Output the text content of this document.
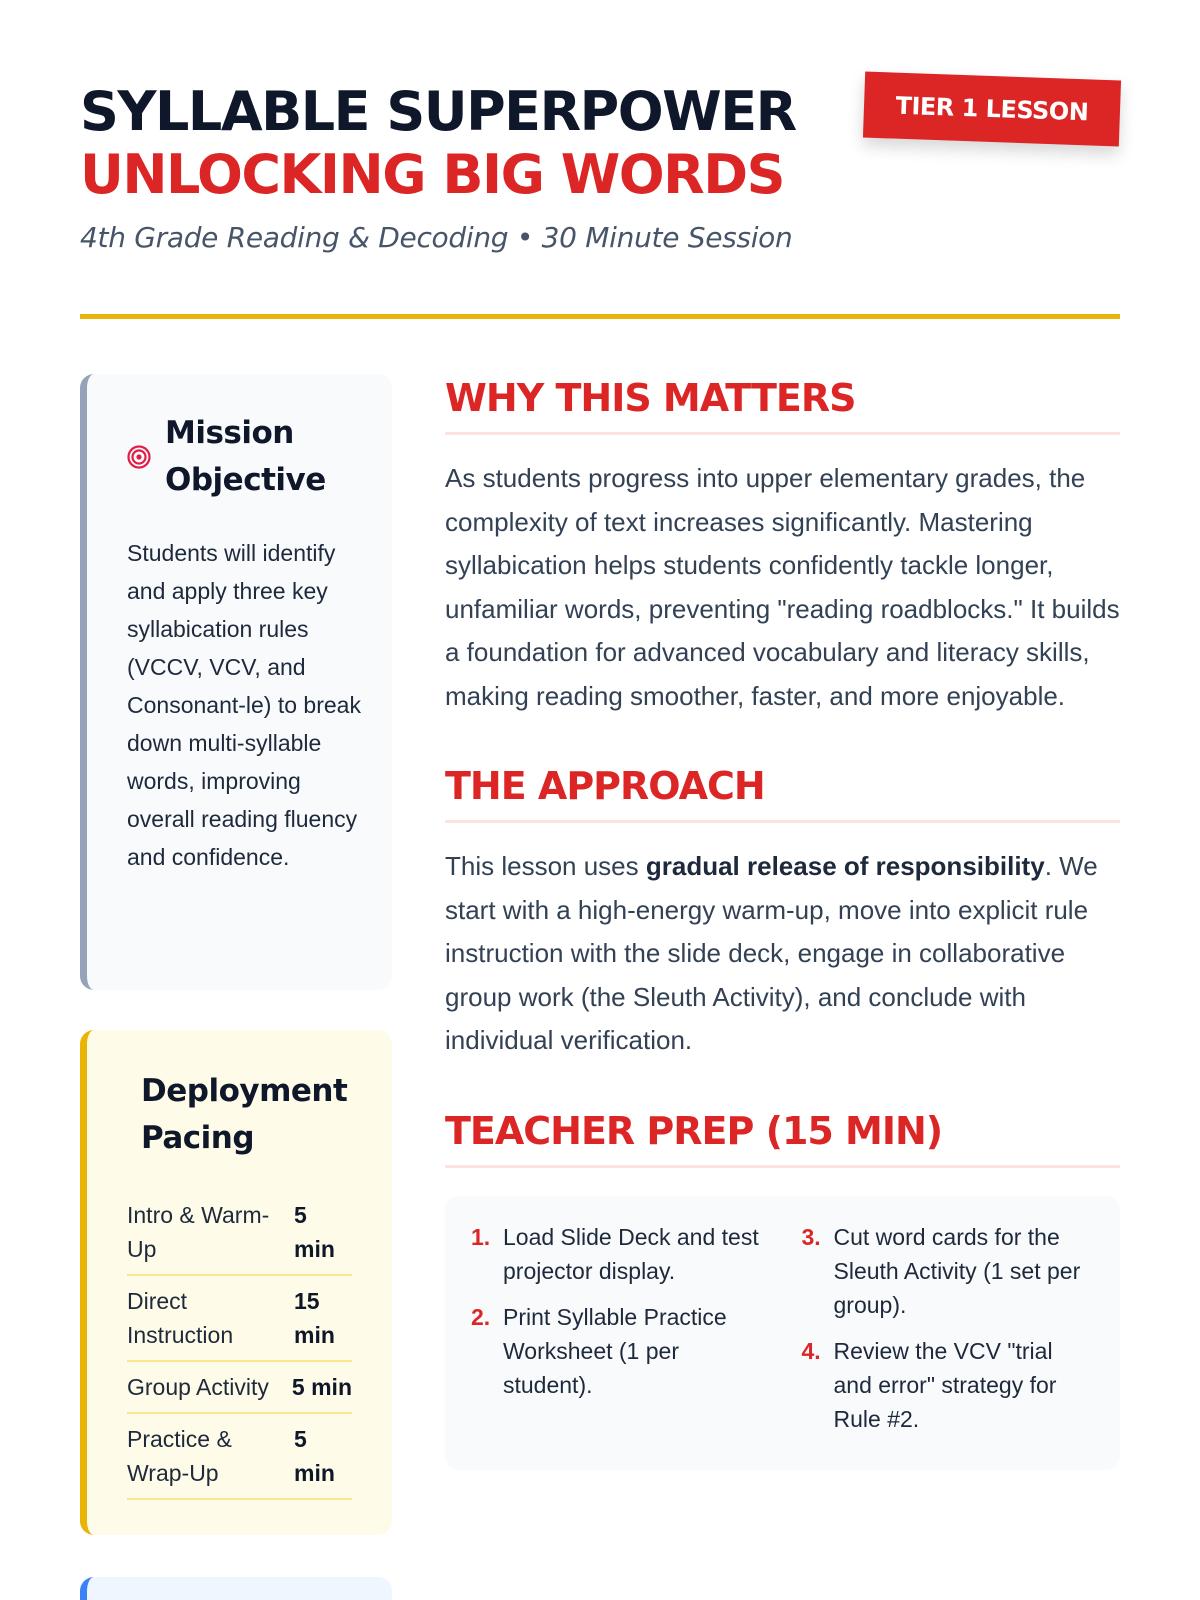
SYLLABLE SUPERPOWER
UNLOCKING BIG WORDS
4th Grade Reading & Decoding • 30 Minute Session
TIER 1 LESSON
Mission Objective

Students will identify and apply three key syllabication rules (VCCV, VCV, and Consonant-le) to break down multi-syllable words, improving overall reading fluency and confidence.

Deployment Pacing
Intro & Warm-Up
5 min
Direct Instruction
15 min
Group Activity	5 min
Practice & Wrap-Up
5 min
WHY THIS MATTERS

As students progress into upper elementary grades, the complexity of text increases significantly. Mastering syllabication helps students confidently tackle longer, unfamiliar words, preventing "reading roadblocks." It builds a foundation for advanced vocabulary and literacy skills, making reading smoother, faster, and more enjoyable.

THE APPROACH

This lesson uses gradual release of responsibility. We start with a high-energy warm-up, move into explicit rule instruction with the slide deck, engage in collaborative group work (the Sleuth Activity), and conclude with individual verification.

TEACHER PREP (15 MIN)
1. Load Slide Deck and test projector display.
2. Print Syllable Practice Worksheet (1 per student).
3. Cut word cards for the Sleuth Activity (1 set per group).
4. Review the VCV "trial and error" strategy for Rule #2.
